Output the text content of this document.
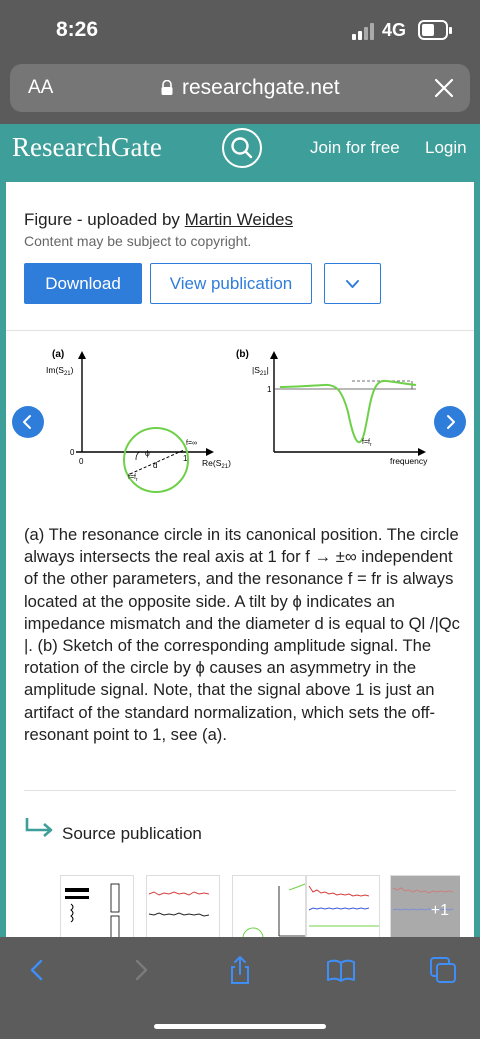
8:26	4G
AA	researchgate.net
ResearchGate	Join for free Login
Figure - uploaded by Martin Weides
Content may be subject to copyright.
Download	View publication
(a)
$Im(S_{21})$
0
0
ϕ
d
f=∞
1
$f=f_r$
$Re(S_{21})$
(b)
$|S_{21}|$
1
$f=f_r$
frequency
(a) The resonance circle in its canonical position. The circle always intersects the real axis at 1 for f → ±∞ independent of the other parameters, and the resonance f = fr is always located at the opposite side. A tilt by ϕ indicates an impedance mismatch and the diameter d is equal to Ql /|Qc |. (b) Sketch of the corresponding amplitude signal. The rotation of the circle by ϕ causes an asymmetry in the amplitude signal. Note, that the signal above 1 is just an artifact of the standard normalization, which sets the off-resonant point to 1, see (a).
Source publication
+1
